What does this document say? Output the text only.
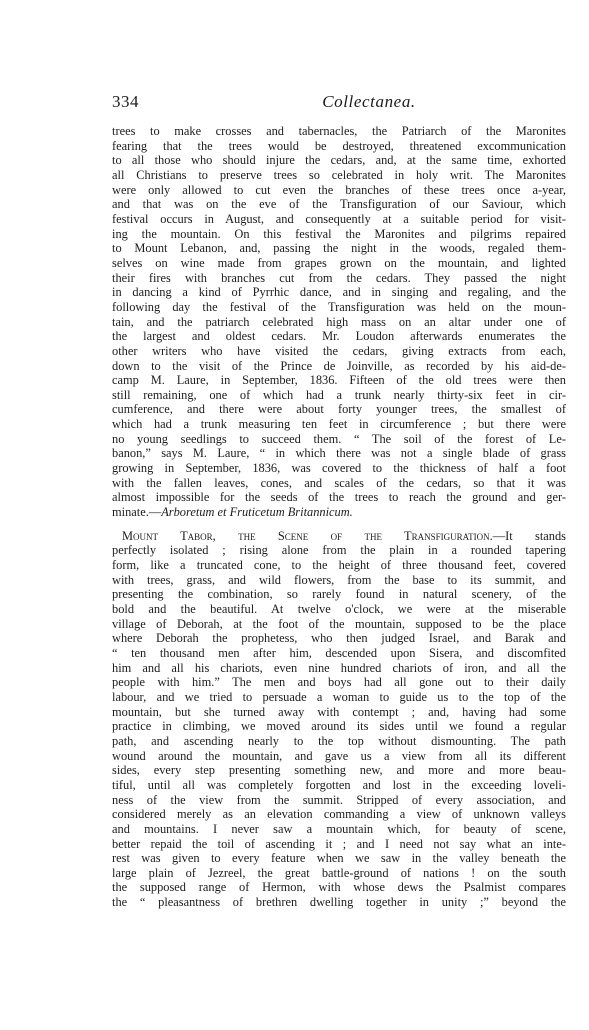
334	Collectanea.
trees to make crosses and tabernacles, the Patriarch of the Maronites
fearing that the trees would be destroyed, threatened excommunication
to all those who should injure the cedars, and, at the same time, exhorted
all Christians to preserve trees so celebrated in holy writ. The Maronites
were only allowed to cut even the branches of these trees once a-year,
and that was on the eve of the Transfiguration of our Saviour, which
festival occurs in August, and consequently at a suitable period for visit-
ing the mountain. On this festival the Maronites and pilgrims repaired
to Mount Lebanon, and, passing the night in the woods, regaled them-
selves on wine made from grapes grown on the mountain, and lighted
their fires with branches cut from the cedars. They passed the night
in dancing a kind of Pyrrhic dance, and in singing and regaling, and the
following day the festival of the Transfiguration was held on the moun-
tain, and the patriarch celebrated high mass on an altar under one of
the largest and oldest cedars. Mr. Loudon afterwards enumerates the
other writers who have visited the cedars, giving extracts from each,
down to the visit of the Prince de Joinville, as recorded by his aid-de-
camp M. Laure, in September, 1836. Fifteen of the old trees were then
still remaining, one of which had a trunk nearly thirty-six feet in cir-
cumference, and there were about forty younger trees, the smallest of
which had a trunk measuring ten feet in circumference ; but there were
no young seedlings to succeed them. “ The soil of the forest of Le-
banon,” says M. Laure, “ in which there was not a single blade of grass
growing in September, 1836, was covered to the thickness of half a foot
with the fallen leaves, cones, and scales of the cedars, so that it was
almost impossible for the seeds of the trees to reach the ground and ger-
minate.—Arboretum et Fruticetum Britannicum.
Mount Tabor, the Scene of the Transfiguration.—It stands
perfectly isolated ; rising alone from the plain in a rounded tapering
form, like a truncated cone, to the height of three thousand feet, covered
with trees, grass, and wild flowers, from the base to its summit, and
presenting the combination, so rarely found in natural scenery, of the
bold and the beautiful. At twelve o'clock, we were at the miserable
village of Deborah, at the foot of the mountain, supposed to be the place
where Deborah the prophetess, who then judged Israel, and Barak and
“ ten thousand men after him, descended upon Sisera, and discomfited
him and all his chariots, even nine hundred chariots of iron, and all the
people with him.” The men and boys had all gone out to their daily
labour, and we tried to persuade a woman to guide us to the top of the
mountain, but she turned away with contempt ; and, having had some
practice in climbing, we moved around its sides until we found a regular
path, and ascending nearly to the top without dismounting. The path
wound around the mountain, and gave us a view from all its different
sides, every step presenting something new, and more and more beau-
tiful, until all was completely forgotten and lost in the exceeding loveli-
ness of the view from the summit. Stripped of every association, and
considered merely as an elevation commanding a view of unknown valleys
and mountains. I never saw a mountain which, for beauty of scene,
better repaid the toil of ascending it ; and I need not say what an inte-
rest was given to every feature when we saw in the valley beneath the
large plain of Jezreel, the great battle-ground of nations ! on the south
the supposed range of Hermon, with whose dews the Psalmist compares
the “ pleasantness of brethren dwelling together in unity ;” beyond the
